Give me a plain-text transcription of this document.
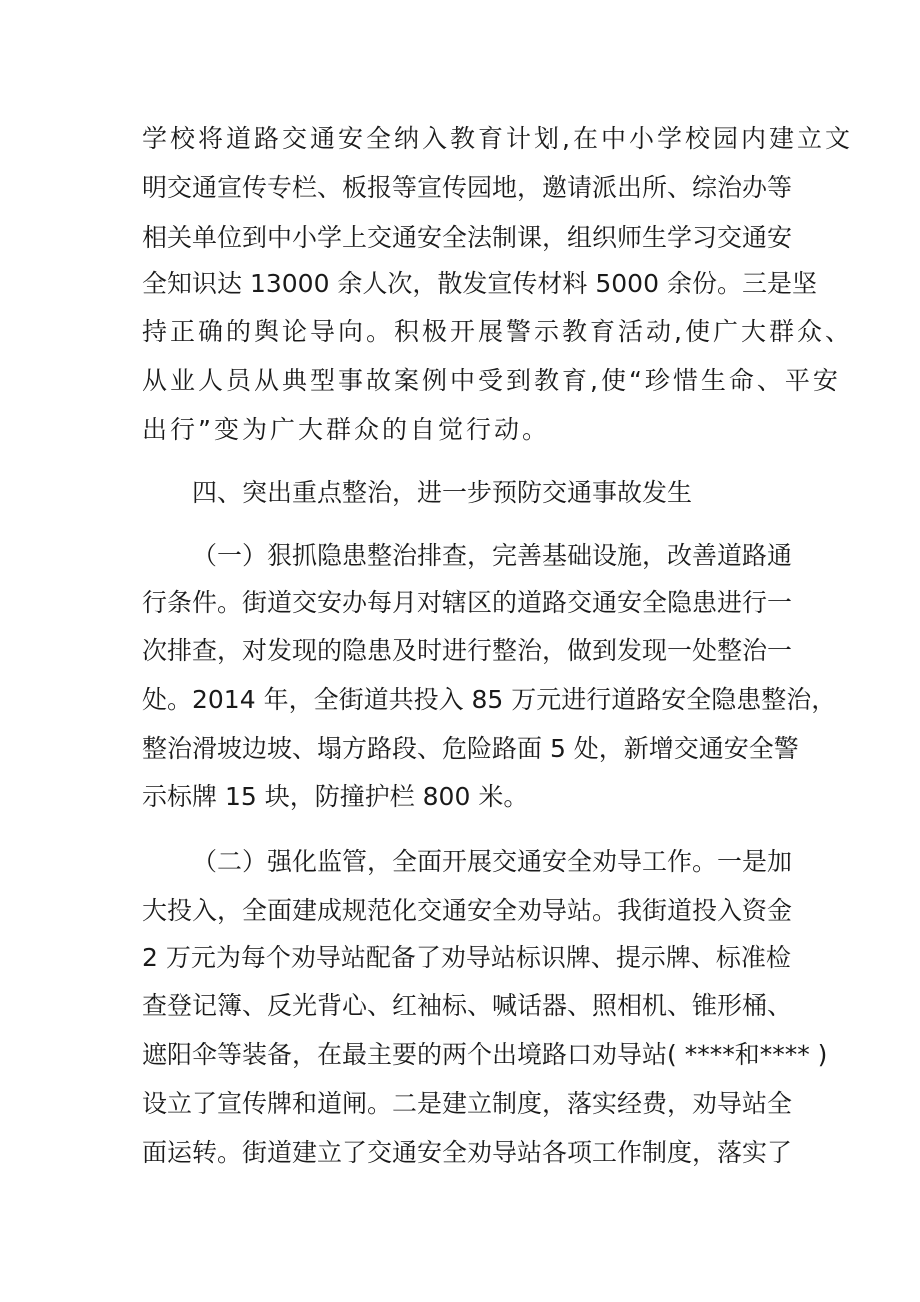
学校将道路交通安全纳入教育计划,在中小学校园内建立文
明交通宣传专栏、板报等宣传园地，邀请派出所、综治办等
相关单位到中小学上交通安全法制课，组织师生学习交通安
全知识达 13000 余人次，散发宣传材料 5000 余份。三是坚
持正确的舆论导向。积极开展警示教育活动,使广大群众、
从业人员从典型事故案例中受到教育,使“珍惜生命、平安
出行”变为广大群众的自觉行动。
四、突出重点整治，进一步预防交通事故发生
（一）狠抓隐患整治排查，完善基础设施，改善道路通
行条件。街道交安办每月对辖区的道路交通安全隐患进行一
次排查，对发现的隐患及时进行整治，做到发现一处整治一
处。2014 年，全街道共投入 85 万元进行道路安全隐患整治，
整治滑坡边坡、塌方路段、危险路面 5 处，新增交通安全警
示标牌 15 块，防撞护栏 800 米。
（二）强化监管，全面开展交通安全劝导工作。一是加
大投入，全面建成规范化交通安全劝导站。我街道投入资金
2 万元为每个劝导站配备了劝导站标识牌、提示牌、标准检
查登记簿、反光背心、红袖标、喊话器、照相机、锥形桶、
遮阳伞等装备，在最主要的两个出境路口劝导站( ****和**** )
设立了宣传牌和道闸。二是建立制度，落实经费，劝导站全
面运转。街道建立了交通安全劝导站各项工作制度，落实了
